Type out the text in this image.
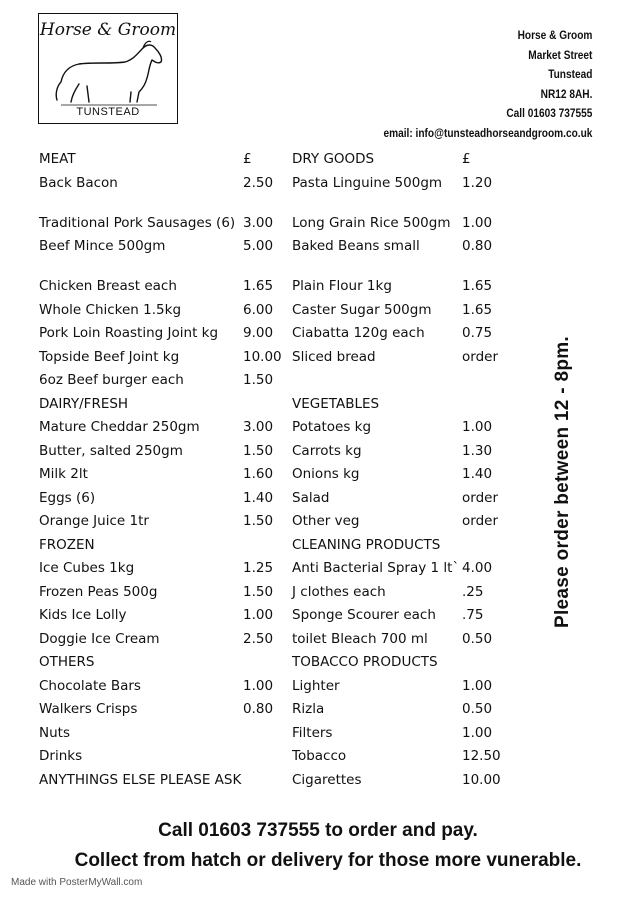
Horse & Groom
TUNSTEAD
Horse & Groom
Market Street
Tunstead
NR12 8AH.
Call 01603 737555
email: info@tunsteadhorseandgroom.co.uk
MEAT	£
Back Bacon	2.50
Traditional Pork Sausages (6) 3.00
Beef Mince 500gm	5.00
Chicken Breast each	1.65
Whole Chicken 1.5kg	6.00
Pork Loin Roasting Joint kg 9.00
Topside Beef Joint kg	10.00
6oz Beef burger each	1.50
DAIRY/FRESH
Mature Cheddar 250gm	3.00
Butter, salted 250gm	1.50
Milk 2lt	1.60
Eggs (6)	1.40
Orange Juice 1tr	1.50
FROZEN
Ice Cubes 1kg	1.25
Frozen Peas 500g	1.50
Kids Ice Lolly	1.00
Doggie Ice Cream	2.50
OTHERS
Chocolate Bars	1.00
Walkers Crisps	0.80
Nuts
Drinks
ANYTHINGS ELSE PLEASE ASK
DRY GOODS	£
Pasta Linguine 500gm 1.20
Long Grain Rice 500gm 1.00
Baked Beans small	0.80
Plain Flour 1kg	1.65
Caster Sugar 500gm 1.65
Ciabatta 120g each	0.75
Sliced bread	order
VEGETABLES
Potatoes kg	1.00
Carrots kg	1.30
Onions kg	1.40
Salad	order
Other veg	order
CLEANING PRODUCTS
Anti Bacterial Spray 1 lt` 4.00
J clothes each	.25
Sponge Scourer each .75
toilet Bleach 700 ml	0.50
TOBACCO PRODUCTS
Lighter	1.00
Rizla	0.50
Filters	1.00
Tobacco	12.50
Cigarettes	10.00
Please order between 12 - 8pm.
Call 01603 737555 to order and pay.
Collect from hatch or delivery for those more vunerable.
Made with PosterMyWall.com
